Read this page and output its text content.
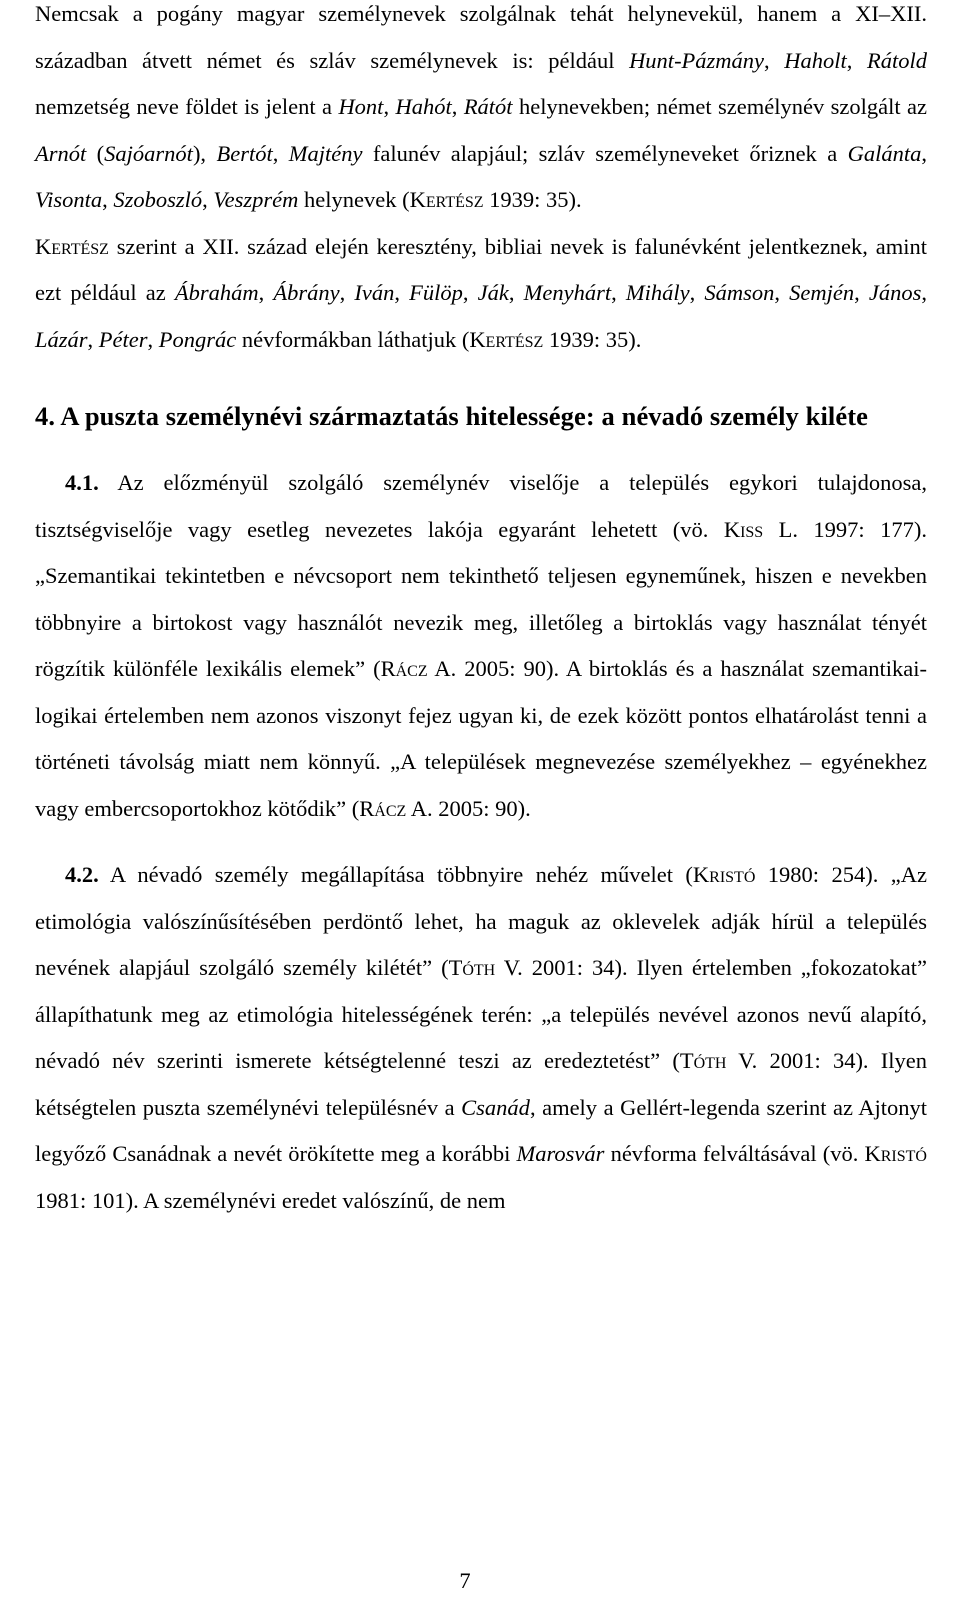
Nemcsak a pogány magyar személynevek szolgálnak tehát helynevekül, hanem a XI–XII. században átvett német és szláv személynevek is: például Hunt-Pázmány, Haholt, Rátold nemzetség neve földet is jelent a Hont, Hahót, Rátót helynevekben; német személynév szolgált az Arnót (Sajóarnót), Bertót, Majtény falunév alapjául; szláv személyneveket őriznek a Galánta, Visonta, Szoboszló, Veszprém helynevek (Kertész 1939: 35).

Kertész szerint a XII. század elején keresztény, bibliai nevek is falunévként jelentkeznek, amint ezt például az Ábrahám, Ábrány, Iván, Fülöp, Ják, Menyhárt, Mihály, Sámson, Semjén, János, Lázár, Péter, Pongrác névformákban láthatjuk (Kertész 1939: 35).

4. A puszta személynévi származtatás hitelessége: a névadó személy kiléte

4.1. Az előzményül szolgáló személynév viselője a település egykori tulajdonosa, tisztségviselője vagy esetleg nevezetes lakója egyaránt lehetett (vö. Kiss L. 1997: 177). „Szemantikai tekintetben e névcsoport nem tekinthető teljesen egyneműnek, hiszen e nevekben többnyire a birtokost vagy használót nevezik meg, illetőleg a birtoklás vagy használat tényét rögzítik különféle lexikális elemek” (Rácz A. 2005: 90). A birtoklás és a használat szemantikai-logikai értelemben nem azonos viszonyt fejez ugyan ki, de ezek között pontos elhatárolást tenni a történeti távolság miatt nem könnyű. „A települések megnevezése személyekhez – egyénekhez vagy embercsoportokhoz kötődik” (Rácz A. 2005: 90).

4.2. A névadó személy megállapítása többnyire nehéz művelet (Kristó 1980: 254). „Az etimológia valószínűsítésében perdöntő lehet, ha maguk az oklevelek adják hírül a település nevének alapjául szolgáló személy kilétét” (Tóth V. 2001: 34). Ilyen értelemben „fokozatokat” állapíthatunk meg az etimológia hitelességének terén: „a település nevével azonos nevű alapító, névadó név szerinti ismerete kétségtelenné teszi az eredeztetést” (Tóth V. 2001: 34). Ilyen kétségtelen puszta személynévi településnév a Csanád, amely a Gellért-legenda szerint az Ajtonyt legyőző Csanádnak a nevét örökítette meg a korábbi Marosvár névforma felváltásával (vö. Kristó 1981: 101). A személynévi eredet valószínű, de nem

7
